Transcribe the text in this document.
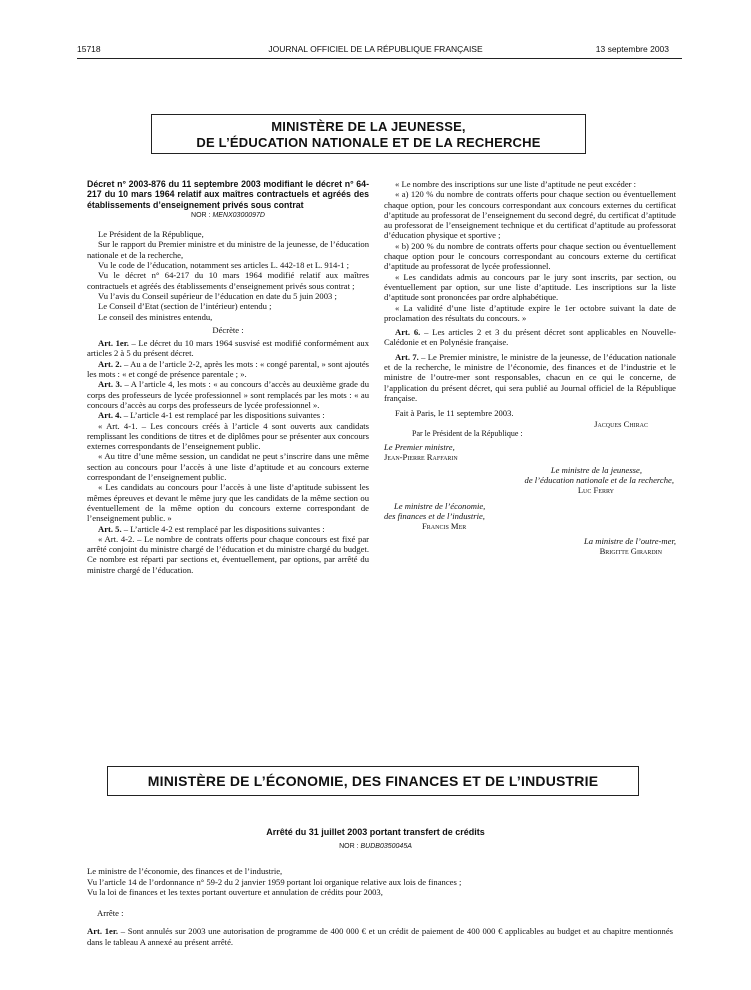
15718	JOURNAL OFFICIEL DE LA RÉPUBLIQUE FRANÇAISE	13 septembre 2003
MINISTÈRE DE LA JEUNESSE,
DE L’ÉDUCATION NATIONALE ET DE LA RECHERCHE

Décret n° 2003-876 du 11 septembre 2003 modifiant le décret n° 64-217 du 10 mars 1964 relatif aux maîtres contractuels et agréés des établissements d’enseignement privés sous contrat

NOR : MENX0300097D

Le Président de la République,

Sur le rapport du Premier ministre et du ministre de la jeunesse, de l’éducation nationale et de la recherche,

Vu le code de l’éducation, notamment ses articles L. 442-18 et L. 914-1 ;

Vu le décret n° 64-217 du 10 mars 1964 modifié relatif aux maîtres contractuels et agréés des établissements d’enseignement privés sous contrat ;

Vu l’avis du Conseil supérieur de l’éducation en date du 5 juin 2003 ;

Le Conseil d’Etat (section de l’intérieur) entendu ;

Le conseil des ministres entendu,

Décrète :

Art. 1er. – Le décret du 10 mars 1964 susvisé est modifié conformément aux articles 2 à 5 du présent décret.

Art. 2. – Au a de l’article 2-2, après les mots : « congé parental, » sont ajoutés les mots : « et congé de présence parentale ; ».

Art. 3. – A l’article 4, les mots : « au concours d’accès au deuxième grade du corps des professeurs de lycée professionnel » sont remplacés par les mots : « au concours d’accès au corps des professeurs de lycée professionnel ».

Art. 4. – L’article 4-1 est remplacé par les dispositions suivantes :

« Art. 4-1. – Les concours créés à l’article 4 sont ouverts aux candidats remplissant les conditions de titres et de diplômes pour se présenter aux concours externes correspondants de l’enseignement public.

« Au titre d’une même session, un candidat ne peut s’inscrire dans une même section au concours pour l’accès à une liste d’aptitude et au concours externe correspondant de l’enseignement public.

« Les candidats au concours pour l’accès à une liste d’aptitude subissent les mêmes épreuves et devant le même jury que les candidats de la même section ou éventuellement de la même option du concours externe correspondant de l’enseignement public. »

Art. 5. – L’article 4-2 est remplacé par les dispositions suivantes :

« Art. 4-2. – Le nombre de contrats offerts pour chaque concours est fixé par arrêté conjoint du ministre chargé de l’éducation et du ministre chargé du budget. Ce nombre est réparti par sections et, éventuellement, par options, par arrêté du ministre chargé de l’éducation.

« Le nombre des inscriptions sur une liste d’aptitude ne peut excéder :

« a) 120 % du nombre de contrats offerts pour chaque section ou éventuellement chaque option, pour les concours correspondant aux concours externes du certificat d’aptitude au professorat de l’enseignement du second degré, du certificat d’aptitude au professorat de l’enseignement technique et du certificat d’aptitude au professorat d’éducation physique et sportive ;

« b) 200 % du nombre de contrats offerts pour chaque section ou éventuellement chaque option pour le concours correspondant au concours externe du certificat d’aptitude au professorat de lycée professionnel.

« Les candidats admis au concours par le jury sont inscrits, par section, ou éventuellement par option, sur une liste d’aptitude. Les inscriptions sur la liste d’aptitude sont prononcées par ordre alphabétique.

« La validité d’une liste d’aptitude expire le 1er octobre suivant la date de proclamation des résultats du concours. »

Art. 6. – Les articles 2 et 3 du présent décret sont applicables en Nouvelle-Calédonie et en Polynésie française.

Art. 7. – Le Premier ministre, le ministre de la jeunesse, de l’éducation nationale et de la recherche, le ministre de l’économie, des finances et de l’industrie et le ministre de l’outre-mer sont responsables, chacun en ce qui le concerne, de l’application du présent décret, qui sera publié au Journal officiel de la République française.

Fait à Paris, le 11 septembre 2003.

Jacques Chirac

Par le Président de la République :

Le Premier ministre,

Jean-Pierre Raffarin

Le ministre de la jeunesse,

de l’éducation nationale et de la recherche,

Luc Ferry

Le ministre de l’économie,

des finances et de l’industrie,

Francis Mer

La ministre de l’outre-mer,

Brigitte Girardin

MINISTÈRE DE L’ÉCONOMIE, DES FINANCES ET DE L’INDUSTRIE
Arrêté du 31 juillet 2003 portant transfert de crédits
NOR : BUDB0350045A

Le ministre de l’économie, des finances et de l’industrie,

Vu l’article 14 de l’ordonnance n° 59-2 du 2 janvier 1959 portant loi organique relative aux lois de finances ;

Vu la loi de finances et les textes portant ouverture et annulation de crédits pour 2003,

Arrête :

Art. 1er. – Sont annulés sur 2003 une autorisation de programme de 400 000 € et un crédit de paiement de 400 000 € applicables au budget et au chapitre mentionnés dans le tableau A annexé au présent arrêté.
